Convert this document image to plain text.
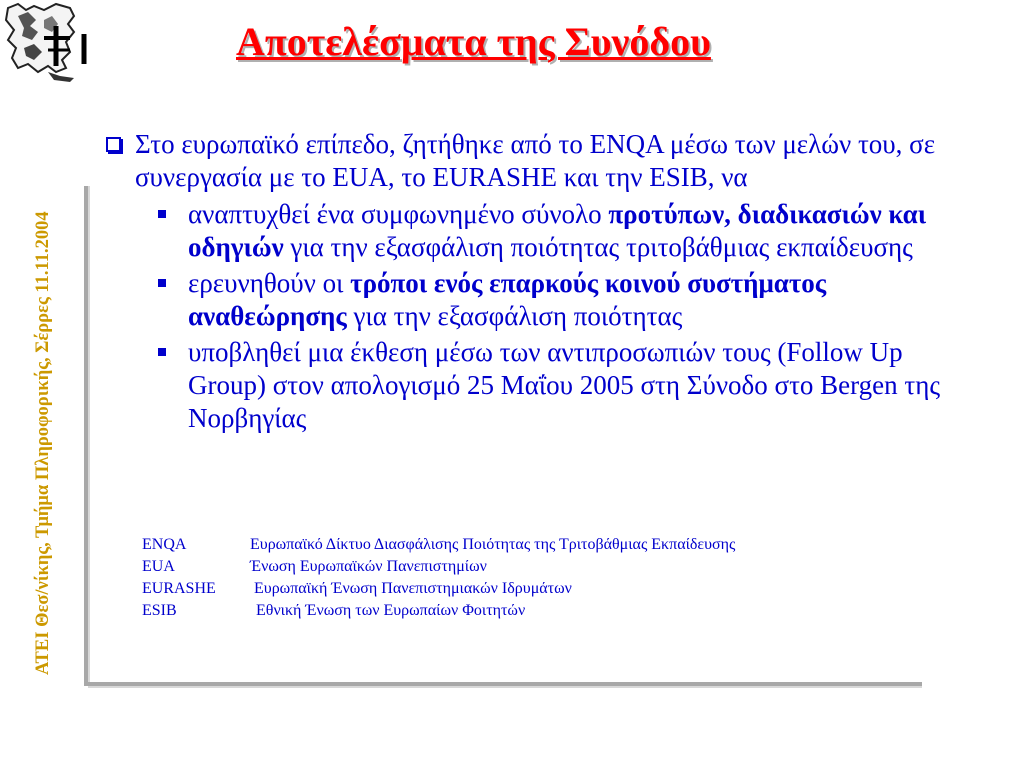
Αποτελέσματα της Συνόδου
ΑΤΕΙ Θεσ/νίκης, Τμήμα Πληροφορικής, Σέρρες 11.11.2004
Στο ευρωπαϊκό επίπεδο, ζητήθηκε από το ENQA μέσω των μελών του, σε συνεργασία με το EUA, το EURASHE και την ESIB, να
αναπτυχθεί ένα συμφωνημένο σύνολο προτύπων, διαδικασιών και οδηγιών για την εξασφάλιση ποιότητας τριτοβάθμιας εκπαίδευσης
ερευνηθούν οι τρόποι ενός επαρκούς κοινού συστήματος αναθεώρησης για την εξασφάλιση ποιότητας
υποβληθεί μια έκθεση μέσω των αντιπροσωπιών τους (Follow Up Group) στον απολογισμό 25 Μαΐου 2005 στη Σύνοδο στο Bergen της Νορβηγίας
ENQA	Ευρωπαϊκό Δίκτυο Διασφάλισης Ποιότητας της Τριτοβάθμιας Εκπαίδευσης
EUA	Ένωση Ευρωπαϊκών Πανεπιστημίων
EURASHE	Ευρωπαϊκή Ένωση Πανεπιστημιακών Ιδρυμάτων
ESIB	Εθνική Ένωση των Ευρωπαίων Φοιτητών
